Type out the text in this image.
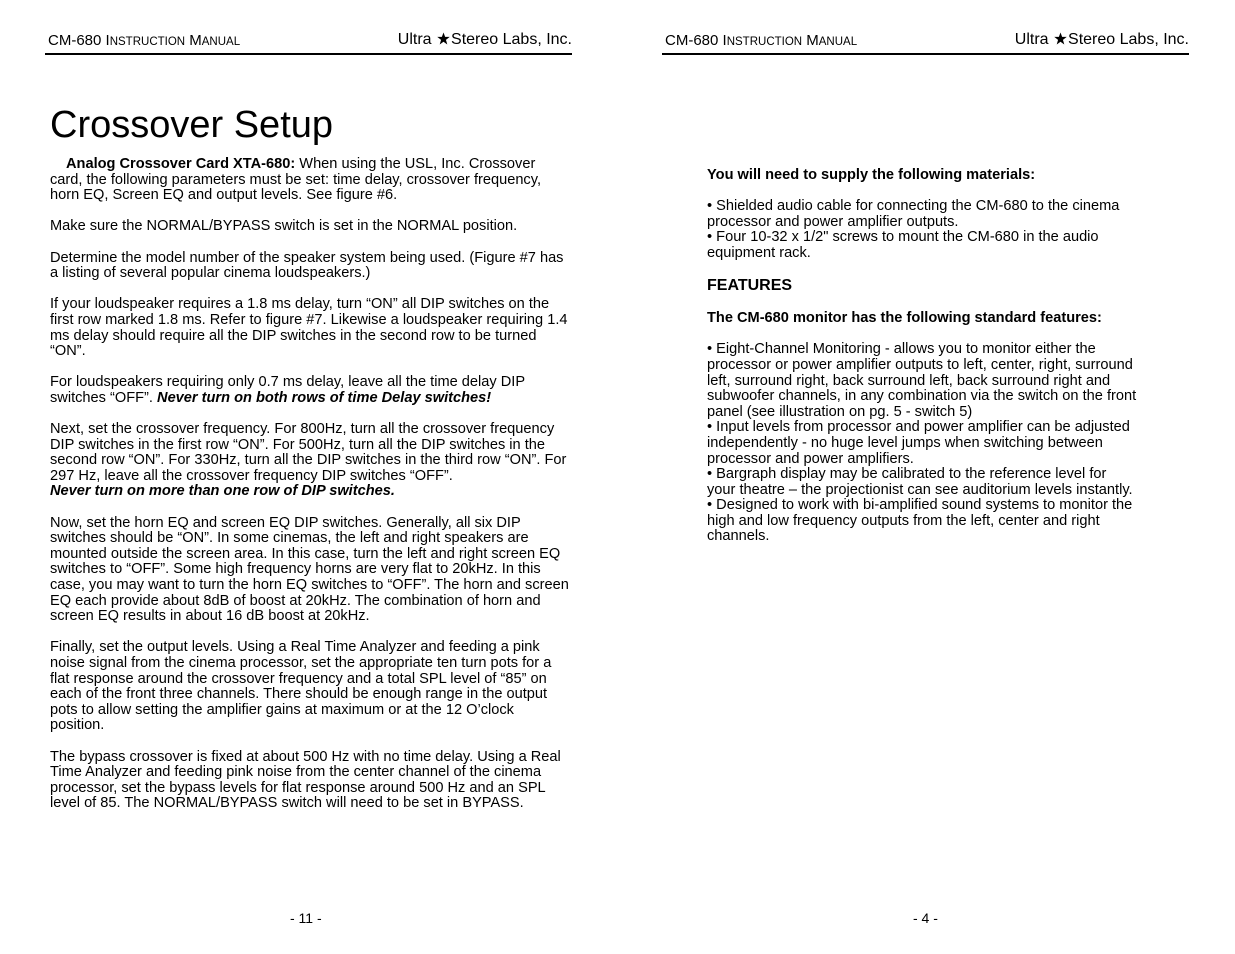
CM-680 INSTRUCTION MANUAL	Ultra Stereo Labs, Inc.
Crossover Setup

Analog Crossover Card XTA-680: When using the USL, Inc. Crossover card, the following parameters must be set: time delay, crossover frequency, horn EQ, Screen EQ and output levels. See figure #6.

Make sure the NORMAL/BYPASS switch is set in the NORMAL position.

Determine the model number of the speaker system being used. (Figure #7 has a listing of several popular cinema loudspeakers.)

If your loudspeaker requires a 1.8 ms delay, turn “ON” all DIP switches on the first row marked 1.8 ms. Refer to figure #7. Likewise a loudspeaker requiring 1.4 ms delay should require all the DIP switches in the second row to be turned “ON”.

For loudspeakers requiring only 0.7 ms delay, leave all the time delay DIP switches “OFF”. Never turn on both rows of time Delay switches!

Next, set the crossover frequency. For 800Hz, turn all the crossover frequency DIP switches in the first row “ON”. For 500Hz, turn all the DIP switches in the second row “ON”. For 330Hz, turn all the DIP switches in the third row “ON”. For 297 Hz, leave all the crossover frequency DIP switches “OFF”.
Never turn on more than one row of DIP switches.

Now, set the horn EQ and screen EQ DIP switches. Generally, all six DIP switches should be “ON”. In some cinemas, the left and right speakers are mounted outside the screen area. In this case, turn the left and right screen EQ switches to “OFF”. Some high frequency horns are very flat to 20kHz. In this case, you may want to turn the horn EQ switches to “OFF”. The horn and screen EQ each provide about 8dB of boost at 20kHz. The combination of horn and screen EQ results in about 16 dB boost at 20kHz.

Finally, set the output levels. Using a Real Time Analyzer and feeding a pink noise signal from the cinema processor, set the appropriate ten turn pots for a flat response around the crossover frequency and a total SPL level of “85” on each of the front three channels. There should be enough range in the output pots to allow setting the amplifier gains at maximum or at the 12 O’clock position.

The bypass crossover is fixed at about 500 Hz with no time delay. Using a Real Time Analyzer and feeding pink noise from the center channel of the cinema processor, set the bypass levels for flat response around 500 Hz and an SPL level of 85. The NORMAL/BYPASS switch will need to be set in BYPASS.

- 11 -
CM-680 INSTRUCTION MANUAL	Ultra Stereo Labs, Inc.

You will need to supply the following materials:

• Shielded audio cable for connecting the CM-680 to the cinema processor and power amplifier outputs.
• Four 10-32 x 1/2" screws to mount the CM-680 in the audio equipment rack.

FEATURES

The CM-680 monitor has the following standard features:

• Eight-Channel Monitoring - allows you to monitor either the processor or power amplifier outputs to left, center, right, surround left, surround right, back surround left, back surround right and subwoofer channels, in any combination via the switch on the front panel (see illustration on pg. 5 - switch 5)
• Input levels from processor and power amplifier can be adjusted independently - no huge level jumps when switching between processor and power amplifiers.
• Bargraph display may be calibrated to the reference level for your theatre – the projectionist can see auditorium levels instantly.
• Designed to work with bi-amplified sound systems to monitor the high and low frequency outputs from the left, center and right channels.

- 4 -
